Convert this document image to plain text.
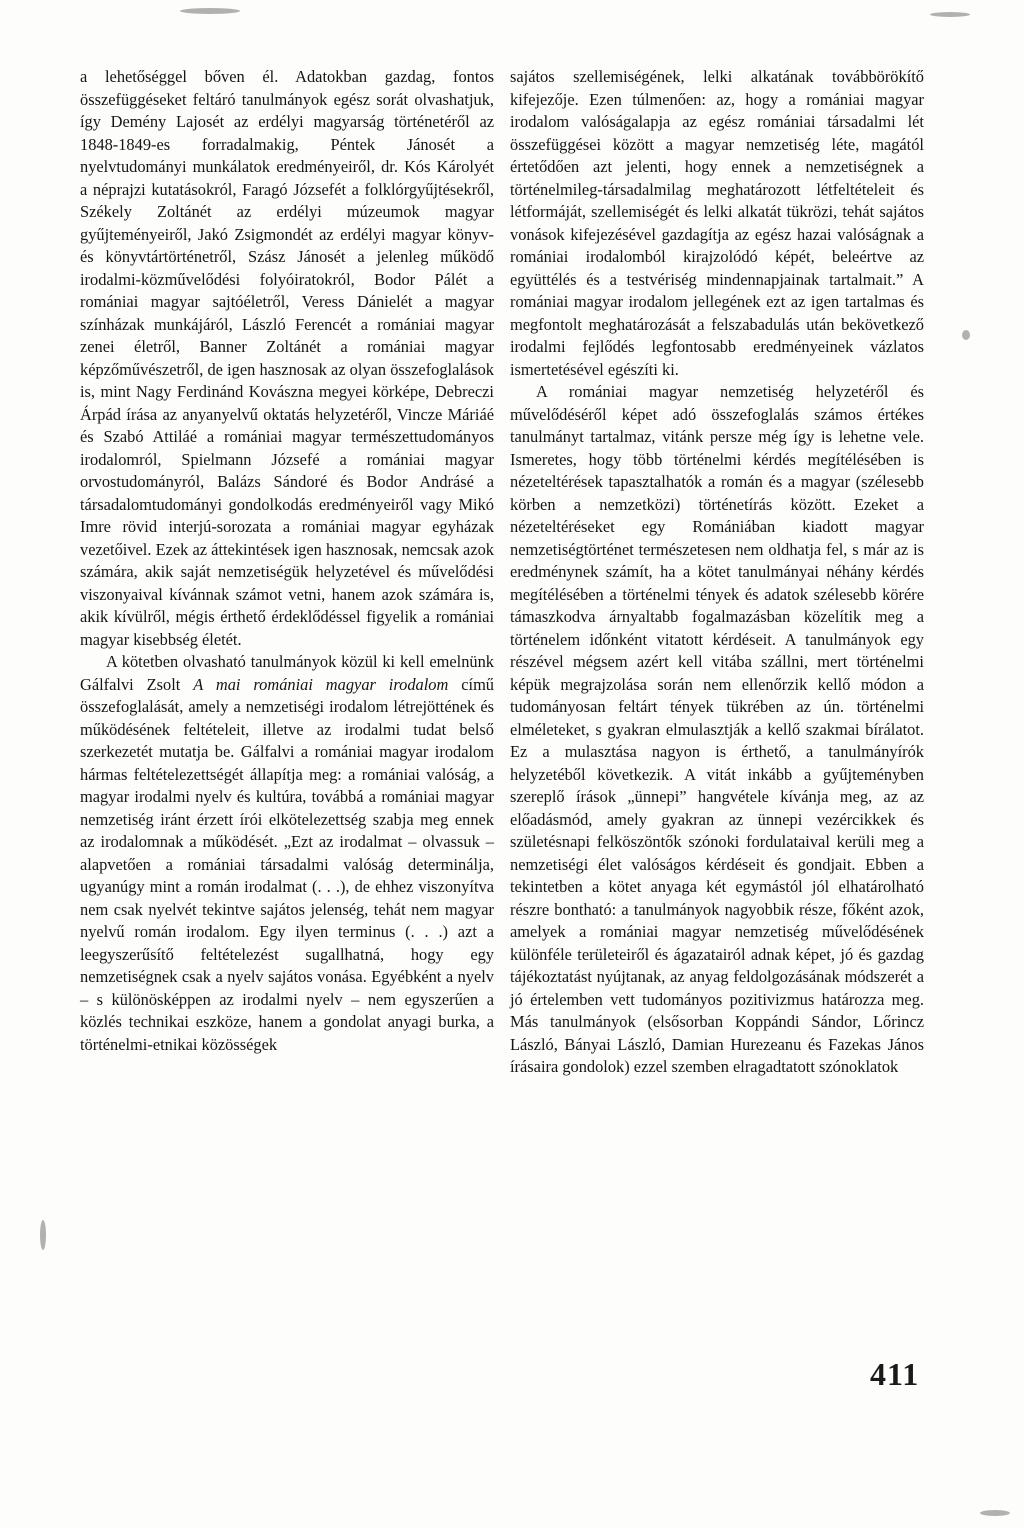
a lehetőséggel bőven él. Adatokban gazdag, fontos összefüggéseket feltáró tanulmányok egész sorát olvashatjuk, így Demény Lajosét az erdélyi magyarság történetéről az 1848-1849-es forradalmakig, Péntek Jánosét a nyelvtudományi munkálatok eredményeiről, dr. Kós Károlyét a néprajzi kutatásokról, Faragó Józsefét a folklórgyűjtésekről, Székely Zoltánét az erdélyi múzeumok magyar gyűjteményeiről, Jakó Zsigmondét az erdélyi magyar könyv- és könyvtártörténetről, Szász Jánosét a jelenleg működő irodalmi-közművelődési folyóiratokról, Bodor Pálét a romániai magyar sajtóéletről, Veress Dánielét a magyar színházak munkájáról, László Ferencét a romániai magyar zenei életről, Banner Zoltánét a romániai magyar képzőművészetről, de igen hasznosak az olyan összefoglalások is, mint Nagy Ferdinánd Kovászna megyei körképe, Debreczi Árpád írása az anyanyelvű oktatás helyzetéről, Vincze Máriáé és Szabó Attiláé a romániai magyar természettudományos irodalomról, Spielmann Józsefé a romániai magyar orvostudományról, Balázs Sándoré és Bodor Andrásé a társadalomtudományi gondolkodás eredményeiről vagy Mikó Imre rövid interjú-sorozata a romániai magyar egyházak vezetőivel. Ezek az áttekintések igen hasznosak, nemcsak azok számára, akik saját nemzetiségük helyzetével és művelődési viszonyaival kívánnak számot vetni, hanem azok számára is, akik kívülről, mégis érthető érdeklődéssel figyelik a romániai magyar kisebbség életét.

A kötetben olvasható tanulmányok közül ki kell emelnünk Gálfalvi Zsolt A mai romániai magyar irodalom című összefoglalását, amely a nemzetiségi irodalom létrejöttének és működésének feltételeit, illetve az irodalmi tudat belső szerkezetét mutatja be. Gálfalvi a romániai magyar irodalom hármas feltételezettségét állapítja meg: a romániai valóság, a magyar irodalmi nyelv és kultúra, továbbá a romániai magyar nemzetiség iránt érzett írói elkötelezettség szabja meg ennek az irodalomnak a működését. „Ezt az irodalmat – olvassuk – alapvetően a romániai társadalmi valóság determinálja, ugyanúgy mint a román irodalmat (. . .), de ehhez viszonyítva nem csak nyelvét tekintve sajátos jelenség, tehát nem magyar nyelvű román irodalom. Egy ilyen terminus (. . .) azt a leegyszerűsítő feltételezést sugallhatná, hogy egy nemzetiségnek csak a nyelv sajátos vonása. Egyébként a nyelv – s különösképpen az irodalmi nyelv – nem egyszerűen a közlés technikai eszköze, hanem a gondolat anyagi burka, a történelmi-etnikai közösségek

sajátos szellemiségének, lelki alkatának továbbörökítő kifejezője. Ezen túlmenően: az, hogy a romániai magyar irodalom valóságalapja az egész romániai társadalmi lét összefüggései között a magyar nemzetiség léte, magától értetődően azt jelenti, hogy ennek a nemzetiségnek a történelmileg-társadalmilag meghatározott létfeltételeit és létformáját, szellemiségét és lelki alkatát tükrözi, tehát sajátos vonások kifejezésével gazdagítja az egész hazai valóságnak a romániai irodalomból kirajzolódó képét, beleértve az együttélés és a testvériség mindennapjainak tartalmait.” A romániai magyar irodalom jellegének ezt az igen tartalmas és megfontolt meghatározását a felszabadulás után bekövetkező irodalmi fejlődés legfontosabb eredményeinek vázlatos ismertetésével egészíti ki.

A romániai magyar nemzetiség helyzetéről és művelődéséről képet adó összefoglalás számos értékes tanulmányt tartalmaz, vitánk persze még így is lehetne vele. Ismeretes, hogy több történelmi kérdés megítélésében is nézeteltérések tapasztalhatók a román és a magyar (szélesebb körben a nemzetközi) történetírás között. Ezeket a nézeteltéréseket egy Romániában kiadott magyar nemzetiségtörténet természetesen nem oldhatja fel, s már az is eredménynek számít, ha a kötet tanulmányai néhány kérdés megítélésében a történelmi tények és adatok szélesebb körére támaszkodva árnyaltabb fogalmazásban közelítik meg a történelem időnként vitatott kérdéseit. A tanulmányok egy részével mégsem azért kell vitába szállni, mert történelmi képük megrajzolása során nem ellenőrzik kellő módon a tudományosan feltárt tények tükrében az ún. történelmi elméleteket, s gyakran elmulasztják a kellő szakmai bírálatot. Ez a mulasztása nagyon is érthető, a tanulmányírók helyzetéből következik. A vitát inkább a gyűjteményben szereplő írások „ünnepi” hangvétele kívánja meg, az az előadásmód, amely gyakran az ünnepi vezércikkek és születésnapi felköszöntők szónoki fordulataival kerüli meg a nemzetiségi élet valóságos kérdéseit és gondjait. Ebben a tekintetben a kötet anyaga két egymástól jól elhatárolható részre bontható: a tanulmányok nagyobbik része, főként azok, amelyek a romániai magyar nemzetiség művelődésének különféle területeiről és ágazatairól adnak képet, jó és gazdag tájékoztatást nyújtanak, az anyag feldolgozásának módszerét a jó értelemben vett tudományos pozitivizmus határozza meg. Más tanulmányok (elsősorban Koppándi Sándor, Lőrincz László, Bányai László, Damian Hurezeanu és Fazekas János írásaira gondolok) ezzel szemben elragadtatott szónoklatok

411
